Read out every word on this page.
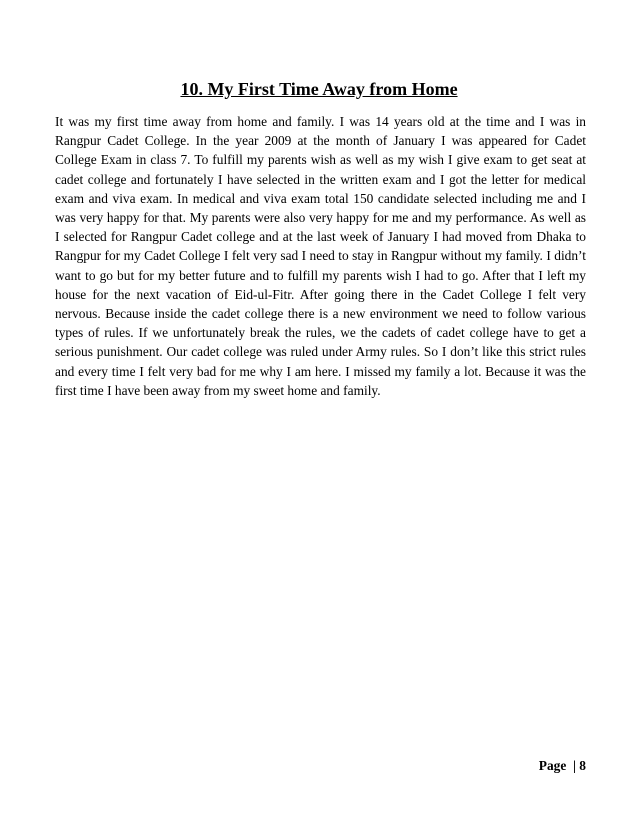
10. My First Time Away from Home

It was my first time away from home and family. I was 14 years old at the time and I was in Rangpur Cadet College. In the year 2009 at the month of January I was appeared for Cadet College Exam in class 7. To fulfill my parents wish as well as my wish I give exam to get seat at cadet college and fortunately I have selected in the written exam and I got the letter for medical exam and viva exam. In medical and viva exam total 150 candidate selected including me and I was very happy for that. My parents were also very happy for me and my performance. As well as I selected for Rangpur Cadet college and at the last week of January I had moved from Dhaka to Rangpur for my Cadet College I felt very sad I need to stay in Rangpur without my family. I didn’t want to go but for my better future and to fulfill my parents wish I had to go. After that I left my house for the next vacation of Eid-ul-Fitr. After going there in the Cadet College I felt very nervous. Because inside the cadet college there is a new environment we need to follow various types of rules. If we unfortunately break the rules, we the cadets of cadet college have to get a serious punishment. Our cadet college was ruled under Army rules. So I don’t like this strict rules and every time I felt very bad for me why I am here. I missed my family a lot. Because it was the first time I have been away from my sweet home and family.

Page  | 8
